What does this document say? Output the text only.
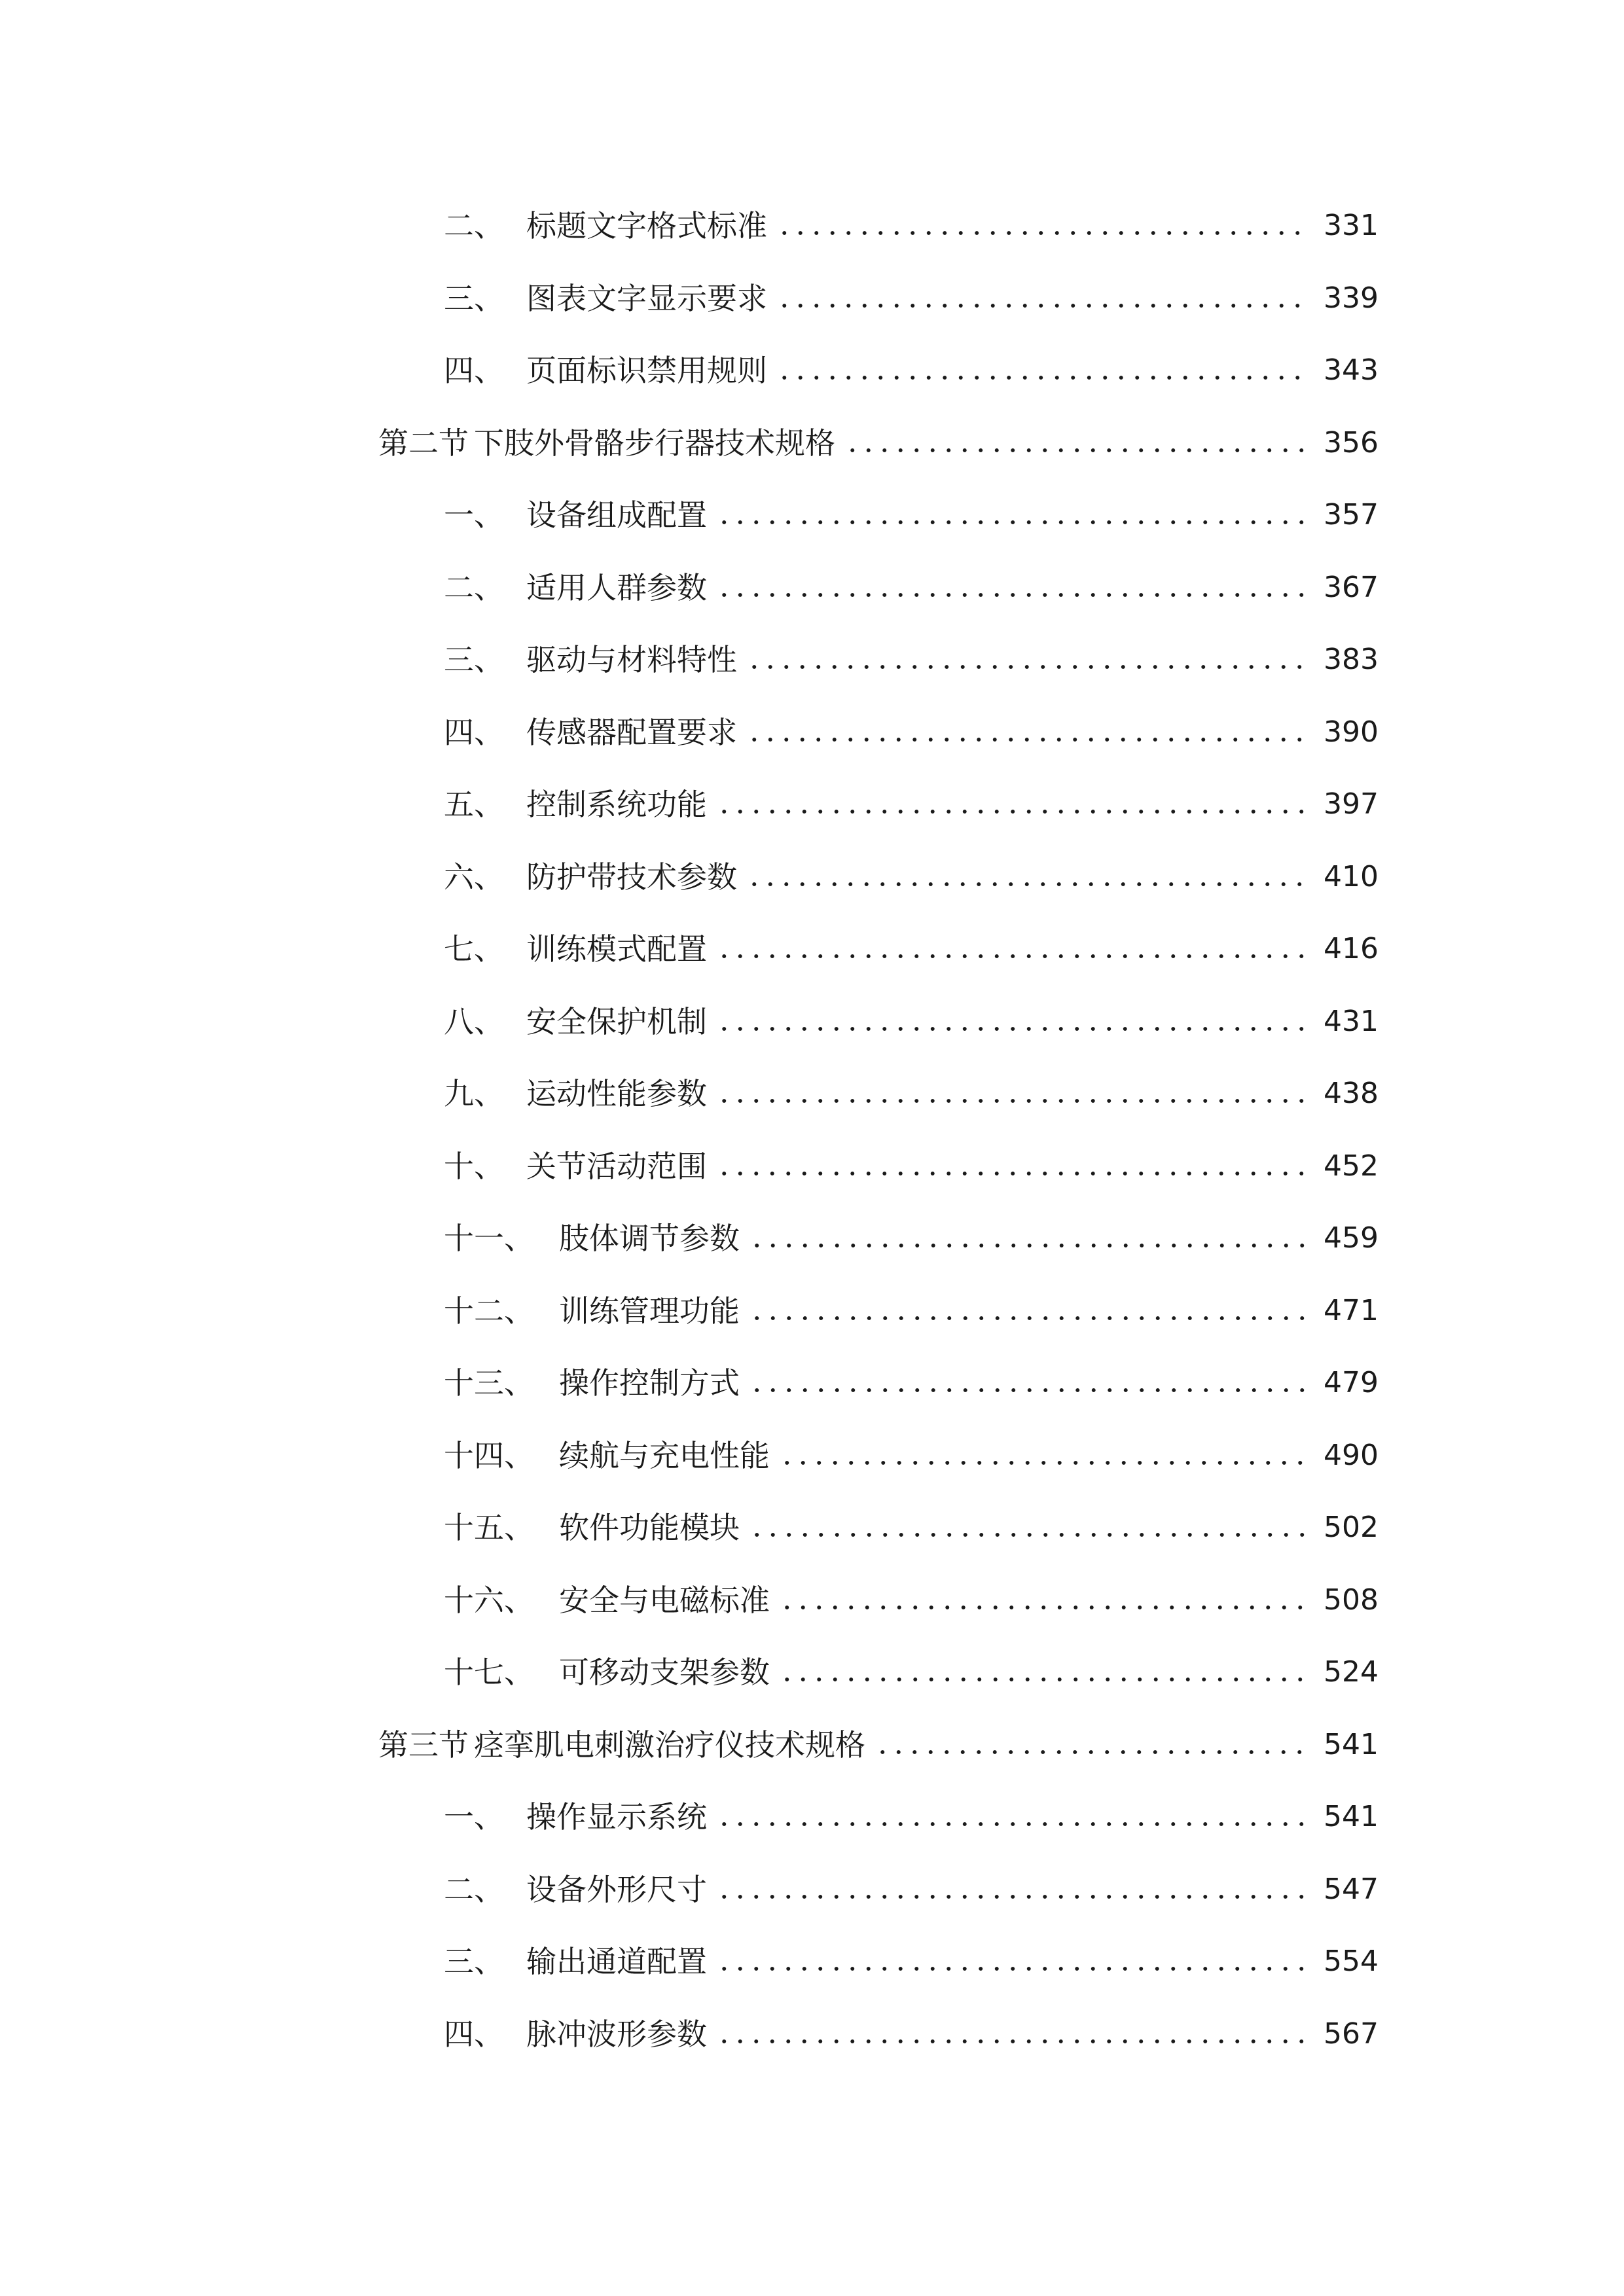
二、 标题文字格式标准	331
三、 图表文字显示要求	339
四、 页面标识禁用规则	343
第二节 下肢外骨骼步行器技术规格	356
一、 设备组成配置	357
二、 适用人群参数	367
三、 驱动与材料特性	383
四、 传感器配置要求	390
五、 控制系统功能	397
六、 防护带技术参数	410
七、 训练模式配置	416
八、 安全保护机制	431
九、 运动性能参数	438
十、 关节活动范围	452
十一、 肢体调节参数	459
十二、 训练管理功能	471
十三、 操作控制方式	479
十四、 续航与充电性能	490
十五、 软件功能模块	502
十六、 安全与电磁标准	508
十七、 可移动支架参数	524
第三节 痉挛肌电刺激治疗仪技术规格	541
一、 操作显示系统	541
二、 设备外形尺寸	547
三、 输出通道配置	554
四、 脉冲波形参数	567
